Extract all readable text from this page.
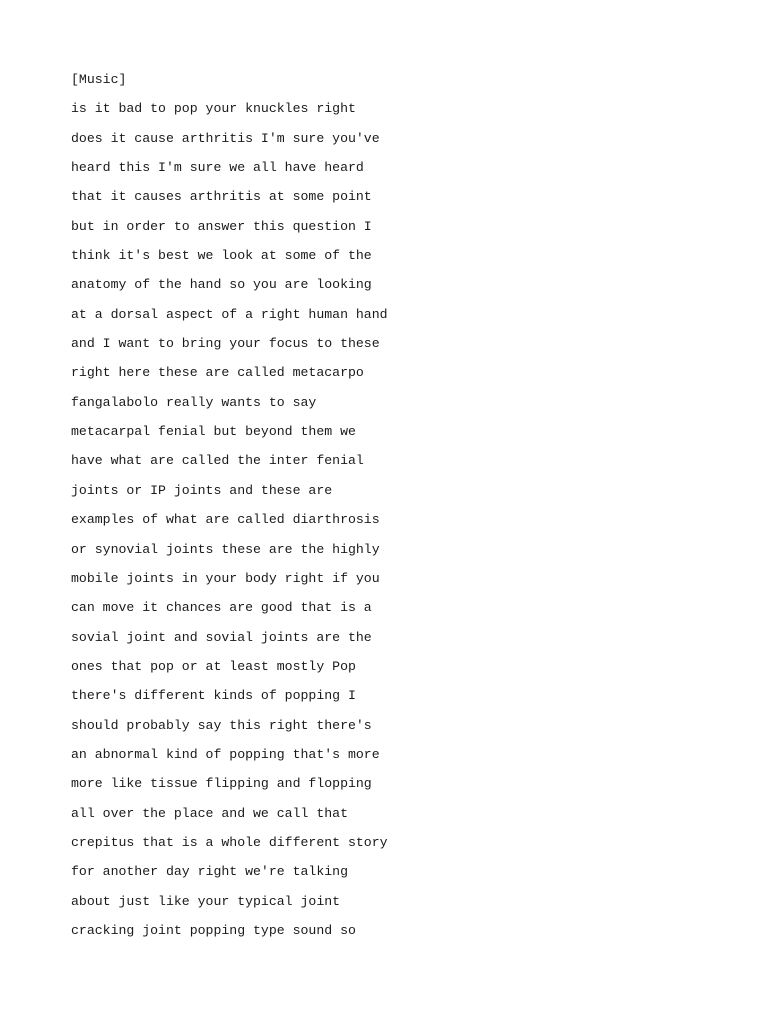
[Music]
is it bad to pop your knuckles right
does it cause arthritis I'm sure you've
heard this I'm sure we all have heard
that it causes arthritis at some point
but in order to answer this question I
think it's best we look at some of the
anatomy of the hand so you are looking
at a dorsal aspect of a right human hand
and I want to bring your focus to these
right here these are called metacarpo
fangalabolo really wants to say
metacarpal fenial but beyond them we
have what are called the inter fenial
joints or IP joints and these are
examples of what are called diarthrosis
or synovial joints these are the highly
mobile joints in your body right if you
can move it chances are good that is a
sovial joint and sovial joints are the
ones that pop or at least mostly Pop
there's different kinds of popping I
should probably say this right there's
an abnormal kind of popping that's more
more like tissue flipping and flopping
all over the place and we call that
crepitus that is a whole different story
for another day right we're talking
about just like your typical joint
cracking joint popping type sound so
